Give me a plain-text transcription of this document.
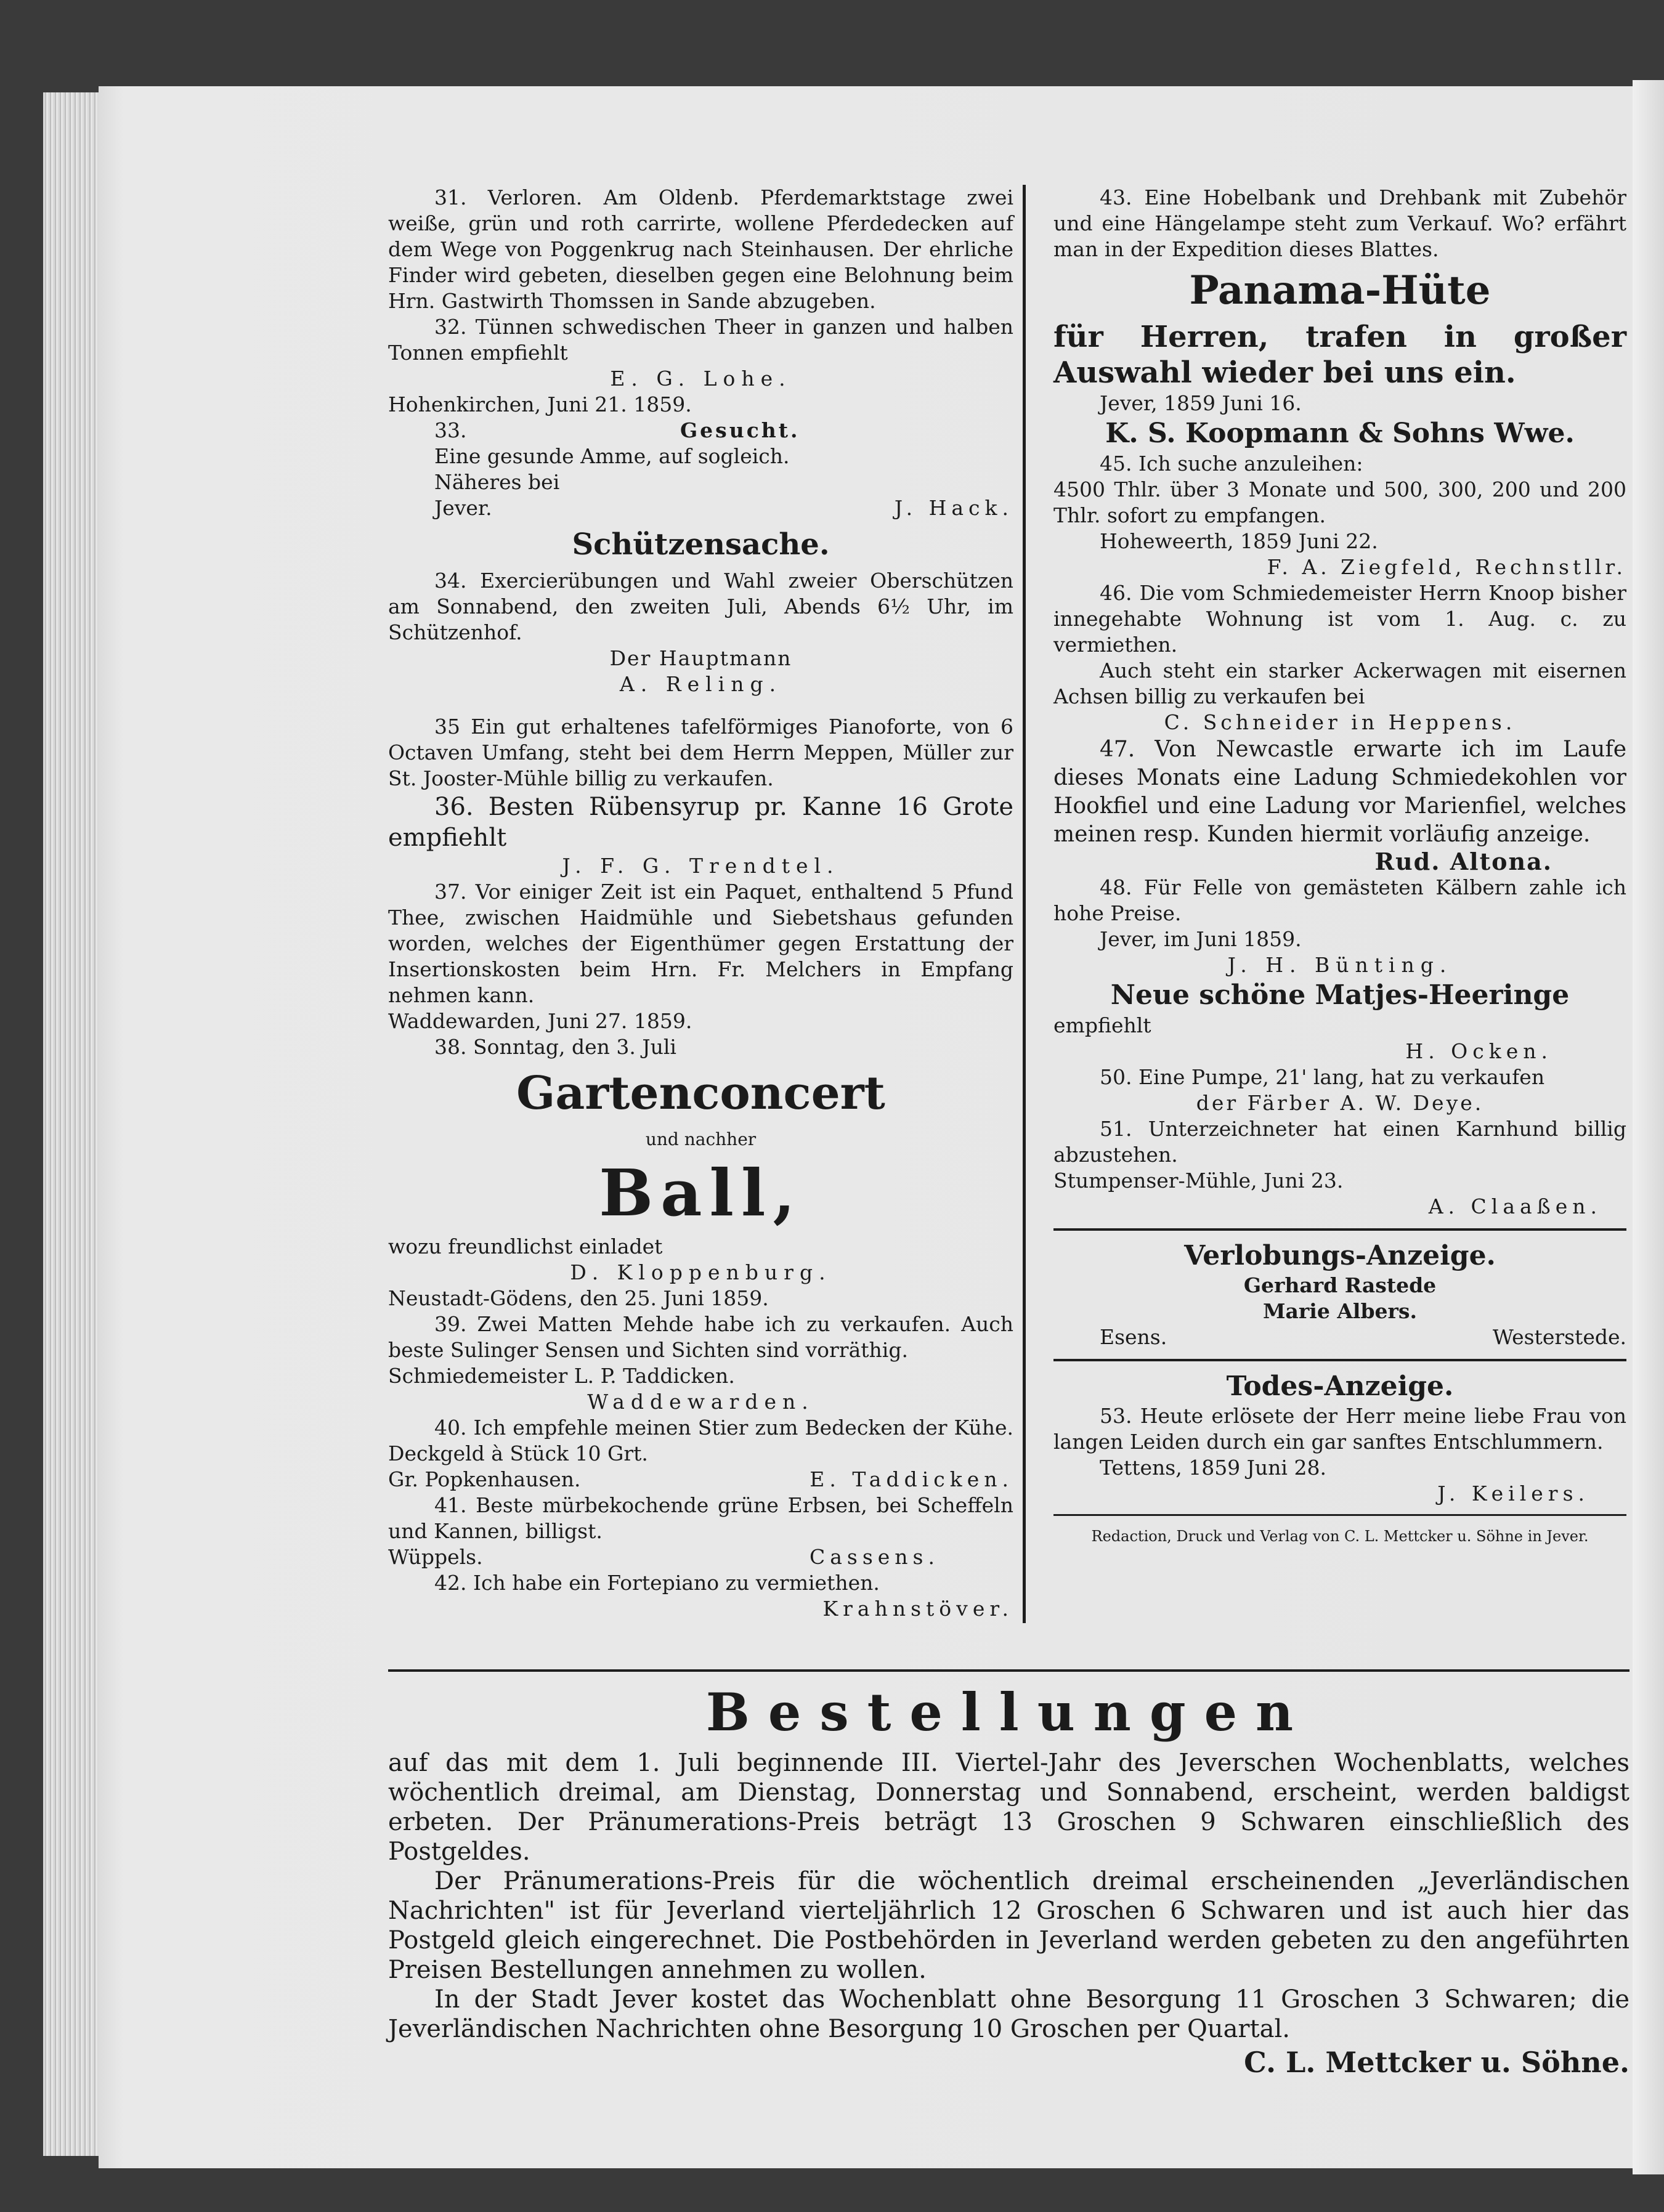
31. Verloren. Am Oldenb. Pferdemarktstage zwei weiße, grün und roth carrirte, wollene Pferdedecken auf dem Wege von Poggenkrug nach Steinhausen. Der ehrliche Finder wird gebeten, dieselben gegen eine Belohnung beim Hrn. Gastwirth Thomssen in Sande abzugeben.

32. Tünnen schwedischen Theer in ganzen und halben Tonnen empfiehlt

E. G. Lohe.

Hohenkirchen, Juni 21. 1859.

33.	Gesucht.

Eine gesunde Amme, auf sogleich.

Näheres bei

Jever.	J. Hack.

Schützensache.

34. Exercierübungen und Wahl zweier Oberschützen am Sonnabend, den zweiten Juli, Abends 6½ Uhr, im Schützenhof.

Der Hauptmann

A. Reling.

35 Ein gut erhaltenes tafelförmiges Pianoforte, von 6 Octaven Umfang, steht bei dem Herrn Meppen, Müller zur St. Jooster-Mühle billig zu verkaufen.

36. Besten Rübensyrup pr. Kanne 16 Grote empfiehlt

J. F. G. Trendtel.

37. Vor einiger Zeit ist ein Paquet, enthaltend 5 Pfund Thee, zwischen Haidmühle und Siebetshaus gefunden worden, welches der Eigenthümer gegen Erstattung der Insertionskosten beim Hrn. Fr. Melchers in Empfang nehmen kann.

Waddewarden, Juni 27. 1859.

38. Sonntag, den 3. Juli

Gartenconcert

und nachher

Ball,

wozu freundlichst einladet

D. Kloppenburg.

Neustadt-Gödens, den 25. Juni 1859.

39. Zwei Matten Mehde habe ich zu verkaufen. Auch beste Sulinger Sensen und Sichten sind vorräthig.

Schmiedemeister L. P. Taddicken.

Waddewarden.

40. Ich empfehle meinen Stier zum Bedecken der Kühe. Deckgeld à Stück 10 Grt.

Gr. Popkenhausen.	E. Taddicken.

41. Beste mürbekochende grüne Erbsen, bei Scheffeln und Kannen, billigst.

Wüppels.	Cassens.

42. Ich habe ein Fortepiano zu vermiethen.

Krahnstöver.

43. Eine Hobelbank und Drehbank mit Zubehör und eine Hängelampe steht zum Verkauf. Wo? erfährt man in der Expedition dieses Blattes.

Panama-Hüte

für Herren, trafen in großer Auswahl wieder bei uns ein.

Jever, 1859 Juni 16.

K. S. Koopmann & Sohns Wwe.

45. Ich suche anzuleihen:

4500 Thlr. über 3 Monate und 500, 300, 200 und 200 Thlr. sofort zu empfangen.

Hoheweerth, 1859 Juni 22.

F. A. Ziegfeld, Rechnstllr.

46. Die vom Schmiedemeister Herrn Knoop bisher innegehabte Wohnung ist vom 1. Aug. c. zu vermiethen.

Auch steht ein starker Ackerwagen mit eisernen Achsen billig zu verkaufen bei

C. Schneider in Heppens.

47. Von Newcastle erwarte ich im Laufe dieses Monats eine Ladung Schmiedekohlen vor Hookfiel und eine Ladung vor Marienfiel, welches meinen resp. Kunden hiermit vorläufig anzeige.

Rud. Altona.

48. Für Felle von gemästeten Kälbern zahle ich hohe Preise.

Jever, im Juni 1859.

J. H. Bünting.

Neue schöne Matjes-Heeringe

empfiehlt

H. Ocken.

50. Eine Pumpe, 21' lang, hat zu verkaufen

der Färber A. W. Deye.

51. Unterzeichneter hat einen Karnhund billig abzustehen.

Stumpenser-Mühle, Juni 23.

A. Claaßen.

Verlobungs-Anzeige.

Gerhard Rastede

Marie Albers.

Esens.	Westerstede.

Todes-Anzeige.

53. Heute erlösete der Herr meine liebe Frau von langen Leiden durch ein gar sanftes Entschlummern.

Tettens, 1859 Juni 28.

J. Keilers.

Redaction, Druck und Verlag von C. L. Mettcker u. Söhne in Jever.

Bestellungen

auf das mit dem 1. Juli beginnende III. Viertel-Jahr des Jeverschen Wochenblatts, welches wöchentlich dreimal, am Dienstag, Donnerstag und Sonnabend, erscheint, werden baldigst erbeten. Der Pränumerations-Preis beträgt 13 Groschen 9 Schwaren einschließlich des Postgeldes.

Der Pränumerations-Preis für die wöchentlich dreimal erscheinenden „Jeverländischen Nachrichten" ist für Jeverland vierteljährlich 12 Groschen 6 Schwaren und ist auch hier das Postgeld gleich eingerechnet. Die Postbehörden in Jeverland werden gebeten zu den angeführten Preisen Bestellungen annehmen zu wollen.

In der Stadt Jever kostet das Wochenblatt ohne Besorgung 11 Groschen 3 Schwaren; die Jeverländischen Nachrichten ohne Besorgung 10 Groschen per Quartal.

C. L. Mettcker u. Söhne.
